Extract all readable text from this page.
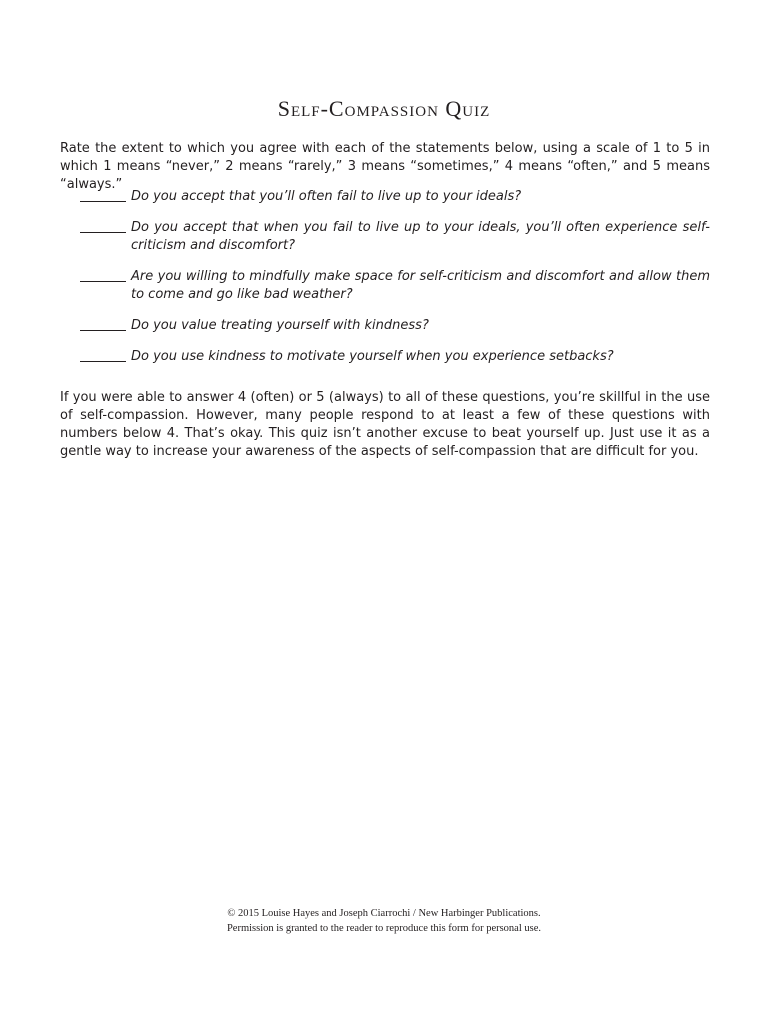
Self-Compassion Quiz
Rate the extent to which you agree with each of the statements below, using a scale of 1 to 5 in which 1 means “never,” 2 means “rarely,” 3 means “sometimes,” 4 means “often,” and 5 means “always.”
Do you accept that you’ll often fail to live up to your ideals?
Do you accept that when you fail to live up to your ideals, you’ll often experience self-criticism and discomfort?
Are you willing to mindfully make space for self-criticism and discomfort and allow them to come and go like bad weather?
Do you value treating yourself with kindness?
Do you use kindness to motivate yourself when you experience setbacks?
If you were able to answer 4 (often) or 5 (always) to all of these questions, you’re skillful in the use of self-compassion. However, many people respond to at least a few of these questions with numbers below 4. That’s okay. This quiz isn’t another excuse to beat yourself up. Just use it as a gentle way to increase your awareness of the aspects of self-compassion that are difficult for you.
© 2015 Louise Hayes and Joseph Ciarrochi / New Harbinger Publications.
Permission is granted to the reader to reproduce this form for personal use.
